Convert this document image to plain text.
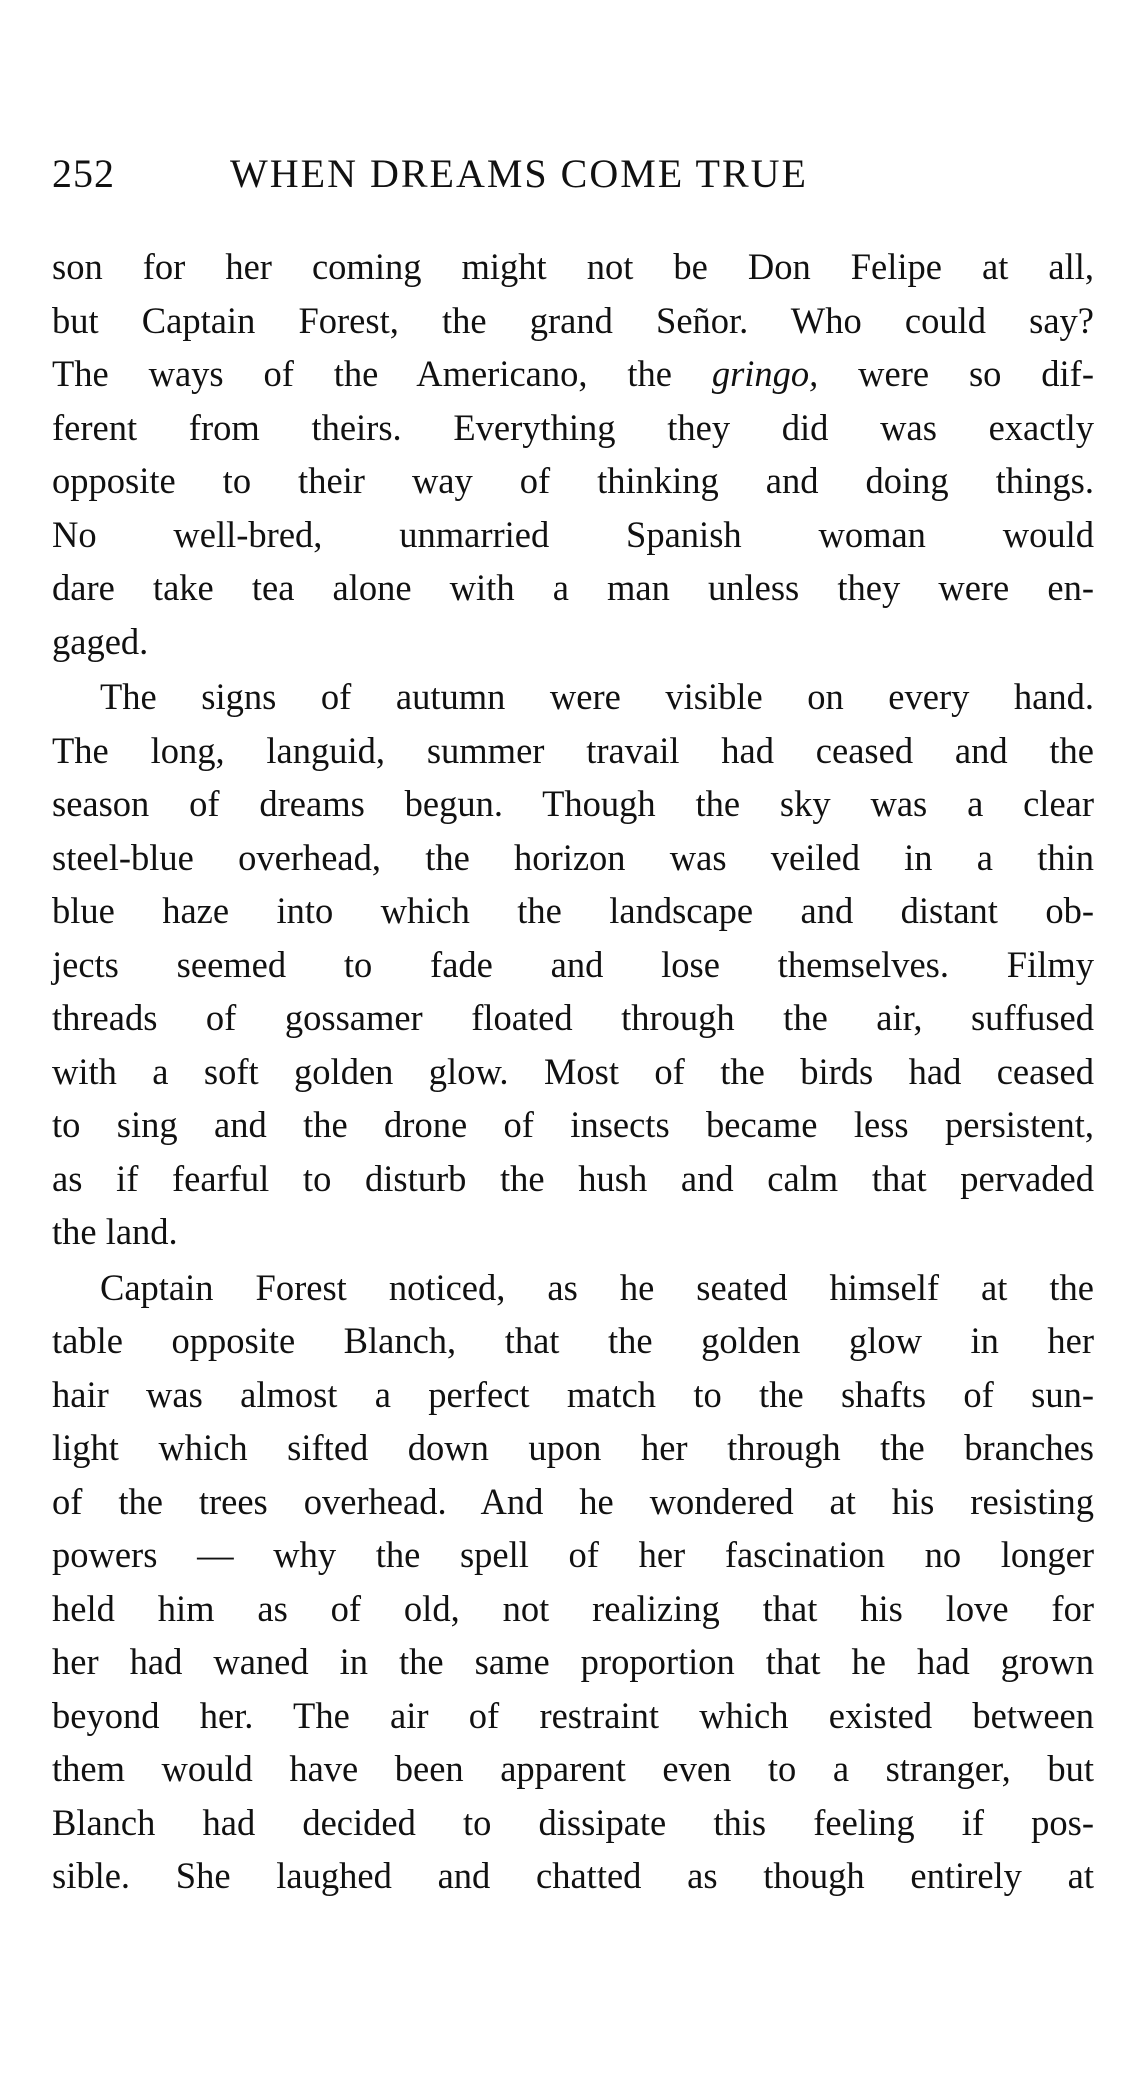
252	WHEN DREAMS COME TRUE

son for her coming might not be Don Felipe at all,
but Captain Forest, the grand Señor. Who could say?
The ways of the Americano, the gringo, were so dif-
ferent from theirs. Everything they did was exactly
opposite to their way of thinking and doing things.
No well-bred, unmarried Spanish woman would
dare take tea alone with a man unless they were en-
gaged.

The signs of autumn were visible on every hand.
The long, languid, summer travail had ceased and the
season of dreams begun. Though the sky was a clear
steel-blue overhead, the horizon was veiled in a thin
blue haze into which the landscape and distant ob-
jects seemed to fade and lose themselves. Filmy
threads of gossamer floated through the air, suffused
with a soft golden glow. Most of the birds had ceased
to sing and the drone of insects became less persistent,
as if fearful to disturb the hush and calm that pervaded
the land.

Captain Forest noticed, as he seated himself at the
table opposite Blanch, that the golden glow in her
hair was almost a perfect match to the shafts of sun-
light which sifted down upon her through the branches
of the trees overhead. And he wondered at his resisting
powers — why the spell of her fascination no longer
held him as of old, not realizing that his love for
her had waned in the same proportion that he had grown
beyond her. The air of restraint which existed between
them would have been apparent even to a stranger, but
Blanch had decided to dissipate this feeling if pos-
sible. She laughed and chatted as though entirely at
